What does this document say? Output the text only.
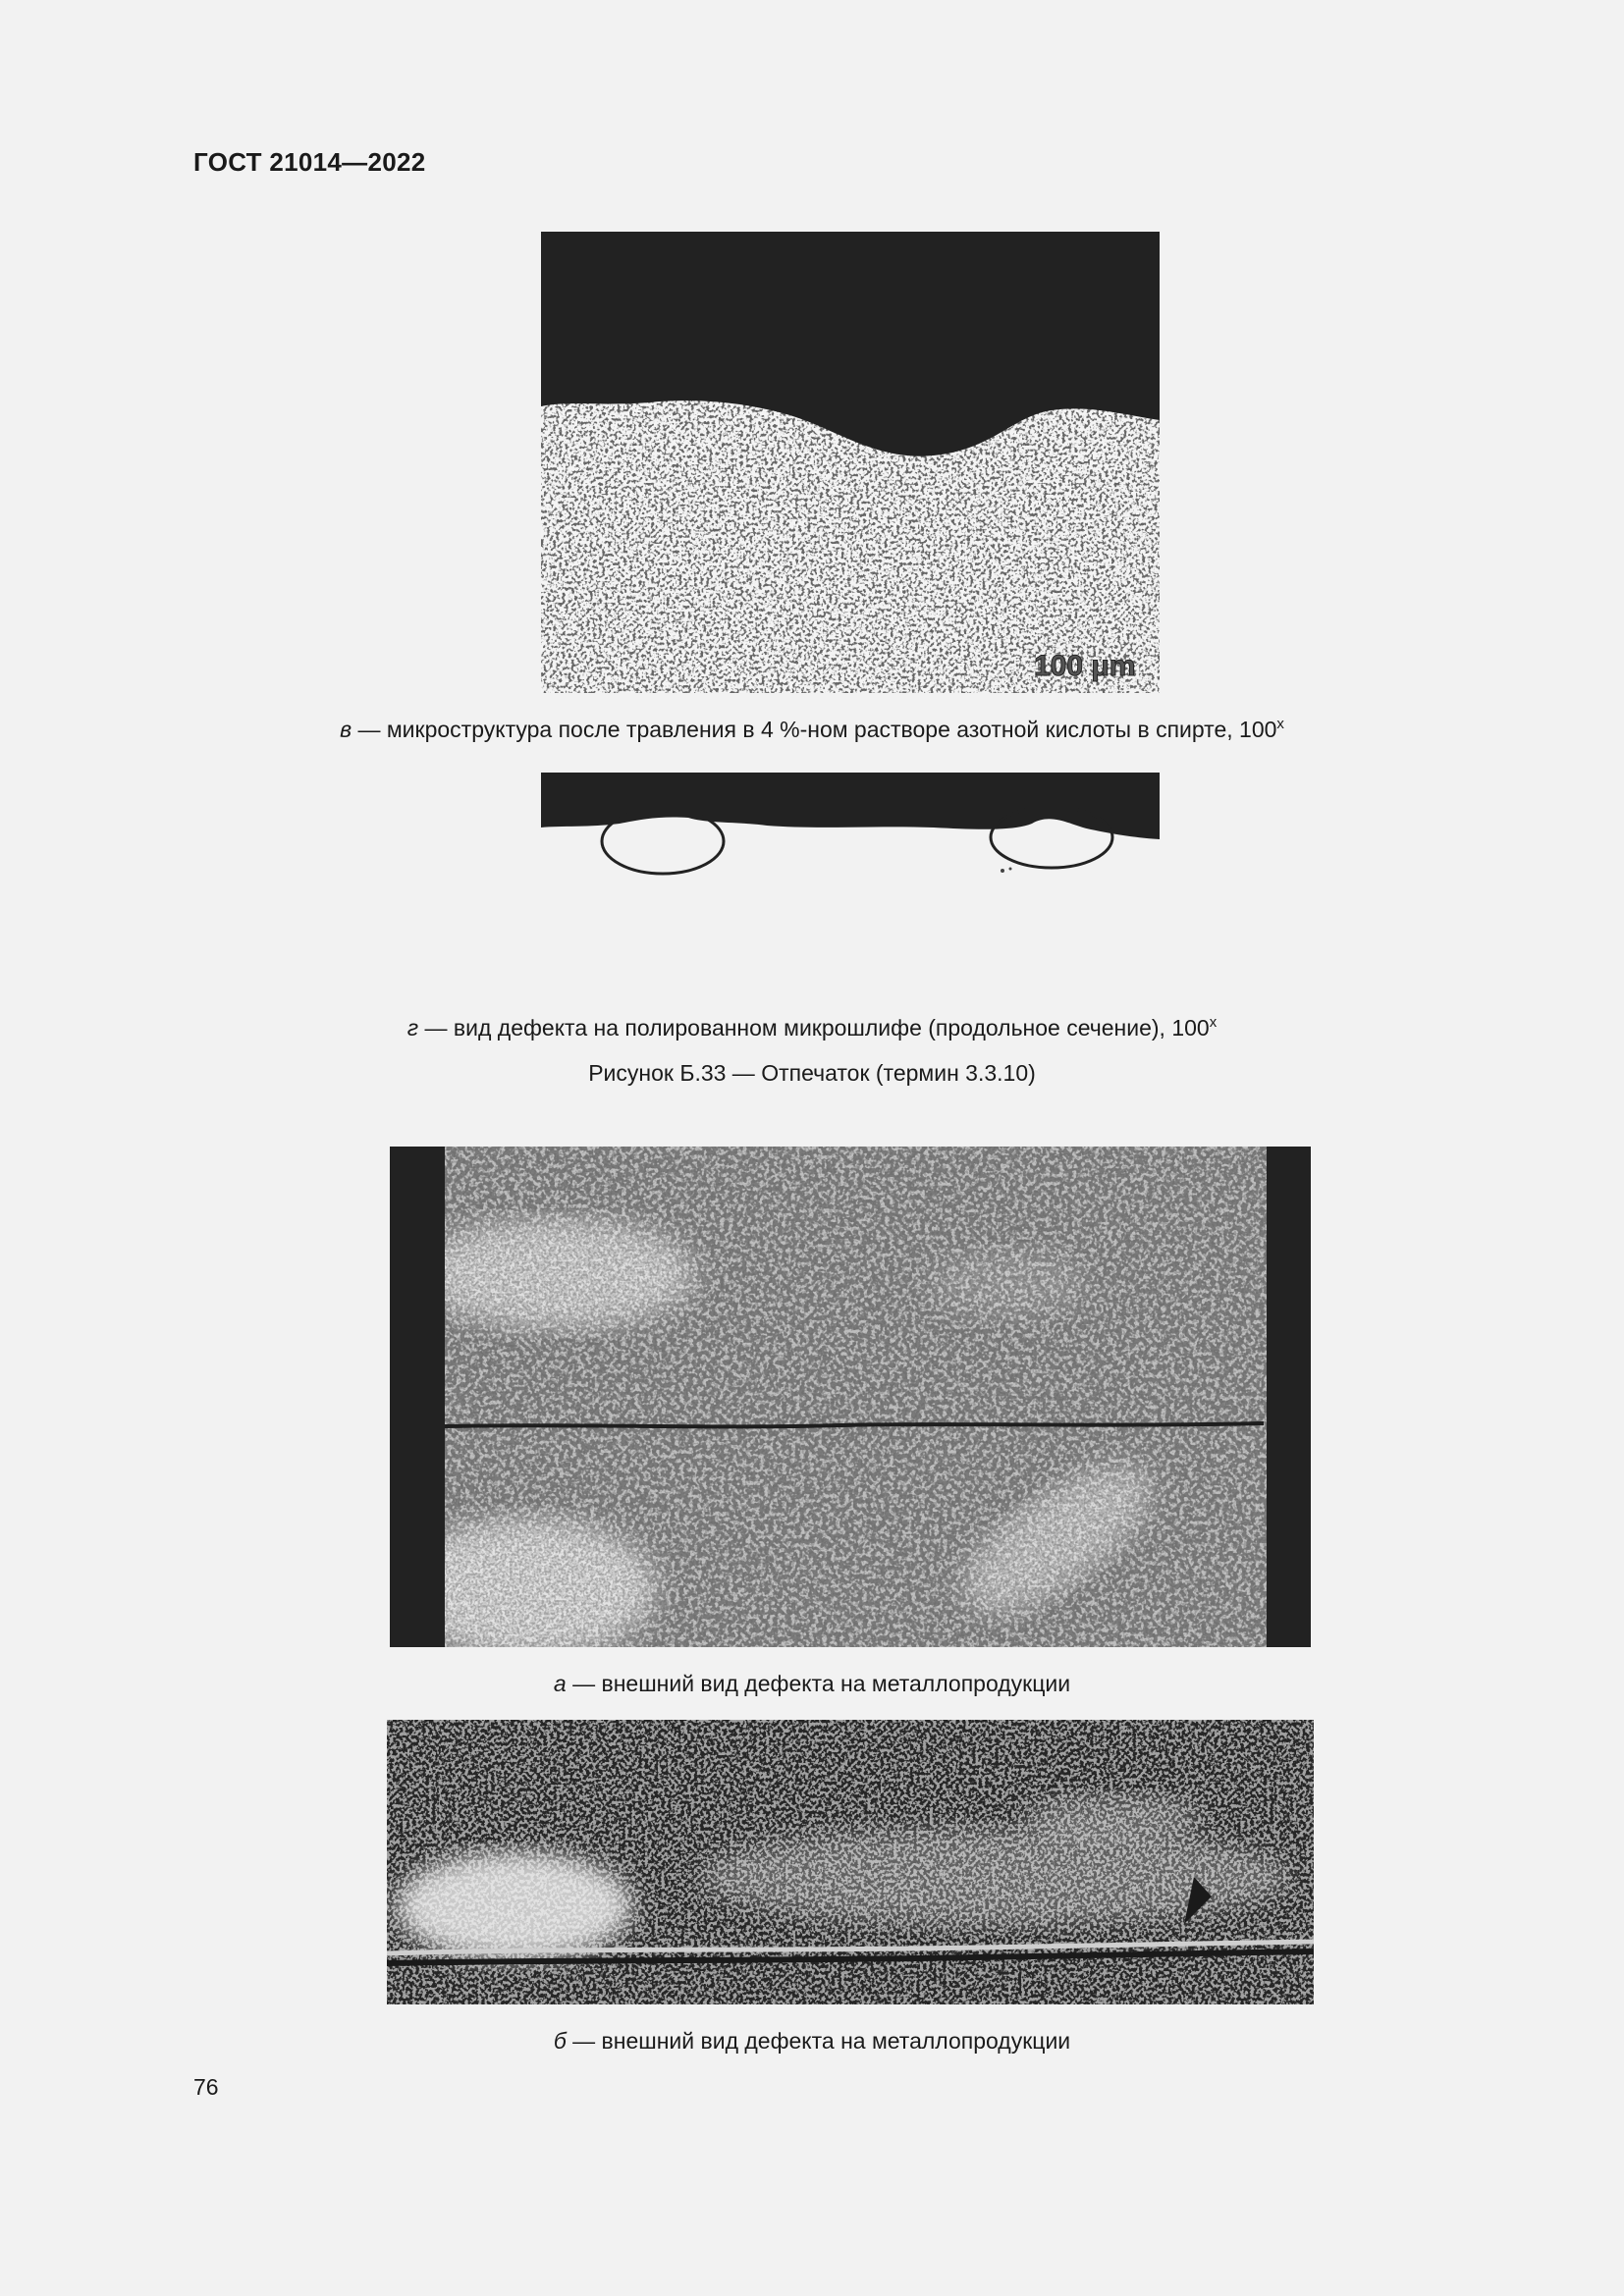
ГОСТ 21014—2022
100 μm
в — микроструктура после травления в 4 %-ном растворе азотной кислоты в спирте, 100$^x$
г — вид дефекта на полированном микрошлифе (продольное сечение), 100$^x$
Рисунок Б.33 — Отпечаток (термин 3.3.10)
а — внешний вид дефекта на металлопродукции
б — внешний вид дефекта на металлопродукции
76
